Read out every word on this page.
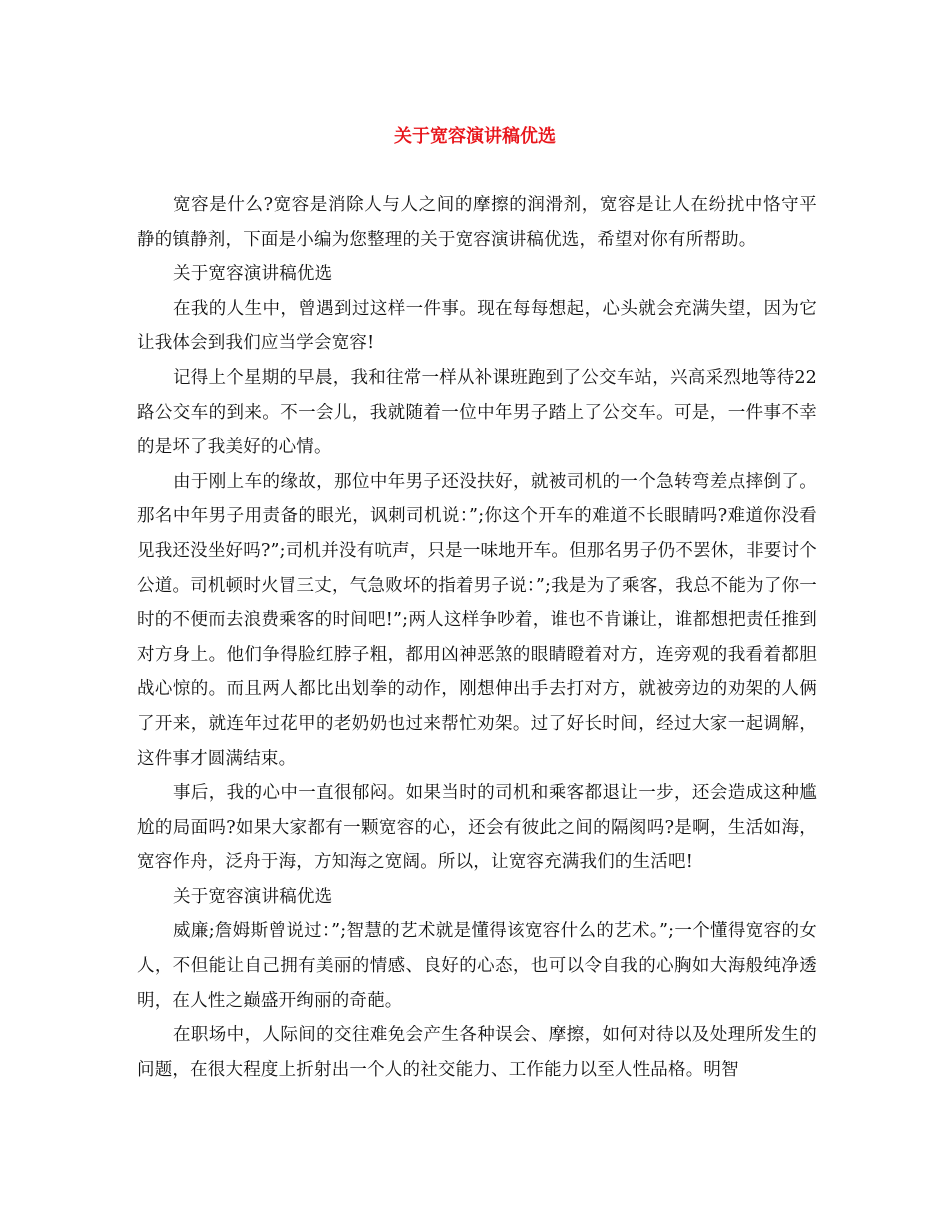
关于宽容演讲稿优选

宽容是什么?宽容是消除人与人之间的摩擦的润滑剂，宽容是让人在纷扰中恪守平静的镇静剂，下面是小编为您整理的关于宽容演讲稿优选，希望对你有所帮助。

关于宽容演讲稿优选

在我的人生中，曾遇到过这样一件事。现在每每想起，心头就会充满失望，因为它让我体会到我们应当学会宽容!

记得上个星期的早晨，我和往常一样从补课班跑到了公交车站，兴高采烈地等待22路公交车的到来。不一会儿，我就随着一位中年男子踏上了公交车。可是，一件事不幸的是坏了我美好的心情。

由于刚上车的缘故，那位中年男子还没扶好，就被司机的一个急转弯差点摔倒了。那名中年男子用责备的眼光，讽刺司机说：”;你这个开车的难道不长眼睛吗?难道你没看见我还没坐好吗?”;司机并没有吭声，只是一味地开车。但那名男子仍不罢休，非要讨个公道。司机顿时火冒三丈，气急败坏的指着男子说：”;我是为了乘客，我总不能为了你一时的不便而去浪费乘客的时间吧!”;两人这样争吵着，谁也不肯谦让，谁都想把责任推到对方身上。他们争得脸红脖子粗，都用凶神恶煞的眼睛瞪着对方，连旁观的我看着都胆战心惊的。而且两人都比出划拳的动作，刚想伸出手去打对方，就被旁边的劝架的人俩了开来，就连年过花甲的老奶奶也过来帮忙劝架。过了好长时间，经过大家一起调解，这件事才圆满结束。

事后，我的心中一直很郁闷。如果当时的司机和乘客都退让一步，还会造成这种尴尬的局面吗?如果大家都有一颗宽容的心，还会有彼此之间的隔阂吗?是啊，生活如海，宽容作舟，泛舟于海，方知海之宽阔。所以，让宽容充满我们的生活吧!

关于宽容演讲稿优选

威廉;詹姆斯曾说过：”;智慧的艺术就是懂得该宽容什么的艺术。”;一个懂得宽容的女人，不但能让自己拥有美丽的情感、良好的心态，也可以令自我的心胸如大海般纯净透明，在人性之巅盛开绚丽的奇葩。

在职场中，人际间的交往难免会产生各种误会、摩擦，如何对待以及处理所发生的问题，在很大程度上折射出一个人的社交能力、工作能力以至人性品格。明智
